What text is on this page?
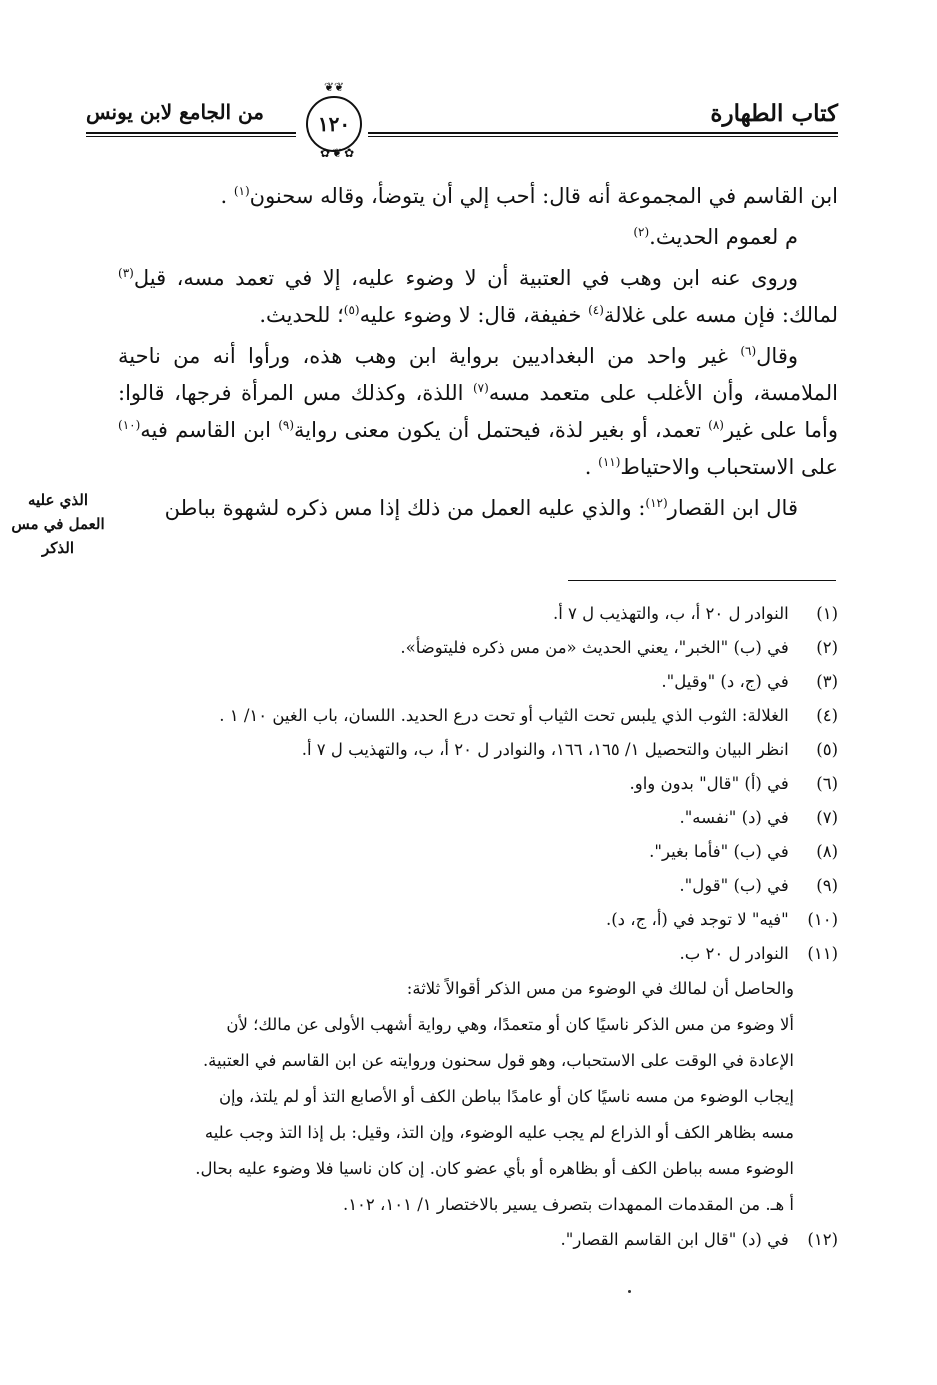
كتاب الطهارة
من الجامع لابن يونس
❦❦
١٢٠
✿❦✿
الذي عليه
العمل في مس
الذكر

ابن القاسم في المجموعة أنه قال: أحب إلي أن يتوضأ، وقاله سحنون$^{(١)}$ .

م لعموم الحديث.$^{(٢)}$

وروى عنه ابن وهب في العتبية أن لا وضوء عليه، إلا في تعمد مسه، قيل$^{(٣)}$ لمالك: فإن مسه على غلالة$^{(٤)}$ خفيفة، قال: لا وضوء عليه$^{(٥)}$؛ للحديث.

وقال$^{(٦)}$ غير واحد من البغداديين برواية ابن وهب هذه، ورأوا أنه من ناحية الملامسة، وأن الأغلب على متعمد مسه$^{(٧)}$ اللذة، وكذلك مس المرأة فرجها، قالوا: وأما على غير$^{(٨)}$ تعمد، أو بغير لذة، فيحتمل أن يكون معنى رواية$^{(٩)}$ ابن القاسم فيه$^{(١٠)}$ على الاستحباب والاحتياط$^{(١١)}$ .

قال ابن القصار$^{(١٢)}$: والذي عليه العمل من ذلك إذا مس ذكره لشهوة بباطن

(١) النوادر ل ٢٠ أ، ب، والتهذيب ل ٧ أ.
(٢) في (ب) "الخبر"، يعني الحديث «من مس ذكره فليتوضأ».
(٣) في (ج، د) "وقيل".
(٤) الغلالة: الثوب الذي يلبس تحت الثياب أو تحت درع الحديد. اللسان، باب الغين ١٠/ ١ .
(٥) انظر البيان والتحصيل ١/ ١٦٥، ١٦٦، والنوادر ل ٢٠ أ، ب، والتهذيب ل ٧ أ.
(٦) في (أ) "قال" بدون واو.
(٧) في (د) "نفسه".
(٨) في (ب) "فأما بغير".
(٩) في (ب) "قول".
(١٠) "فيه" لا توجد في (أ، ج، د).
(١١) النوادر ل ٢٠ ب.
والحاصل أن لمالك في الوضوء من مس الذكر أقوالاً ثلاثة:
ألا وضوء من مس الذكر ناسيًا كان أو متعمدًا، وهي رواية أشهب الأولى عن مالك؛ لأن
الإعادة في الوقت على الاستحباب، وهو قول سحنون وروايته عن ابن القاسم في العتبية.
إيجاب الوضوء من مسه ناسيًا كان أو عامدًا بباطن الكف أو الأصابع التذ أو لم يلتذ، وإن
مسه بظاهر الكف أو الذراع لم يجب عليه الوضوء، وإن التذ، وقيل: بل إذا التذ وجب عليه
الوضوء مسه بباطن الكف أو بظاهره أو بأي عضو كان. إن كان ناسيا فلا وضوء عليه بحال.
أ هـ. من المقدمات الممهدات بتصرف يسير بالاختصار ١/ ١٠١، ١٠٢.
(١٢) في (د) "قال ابن القاسم القصار".
